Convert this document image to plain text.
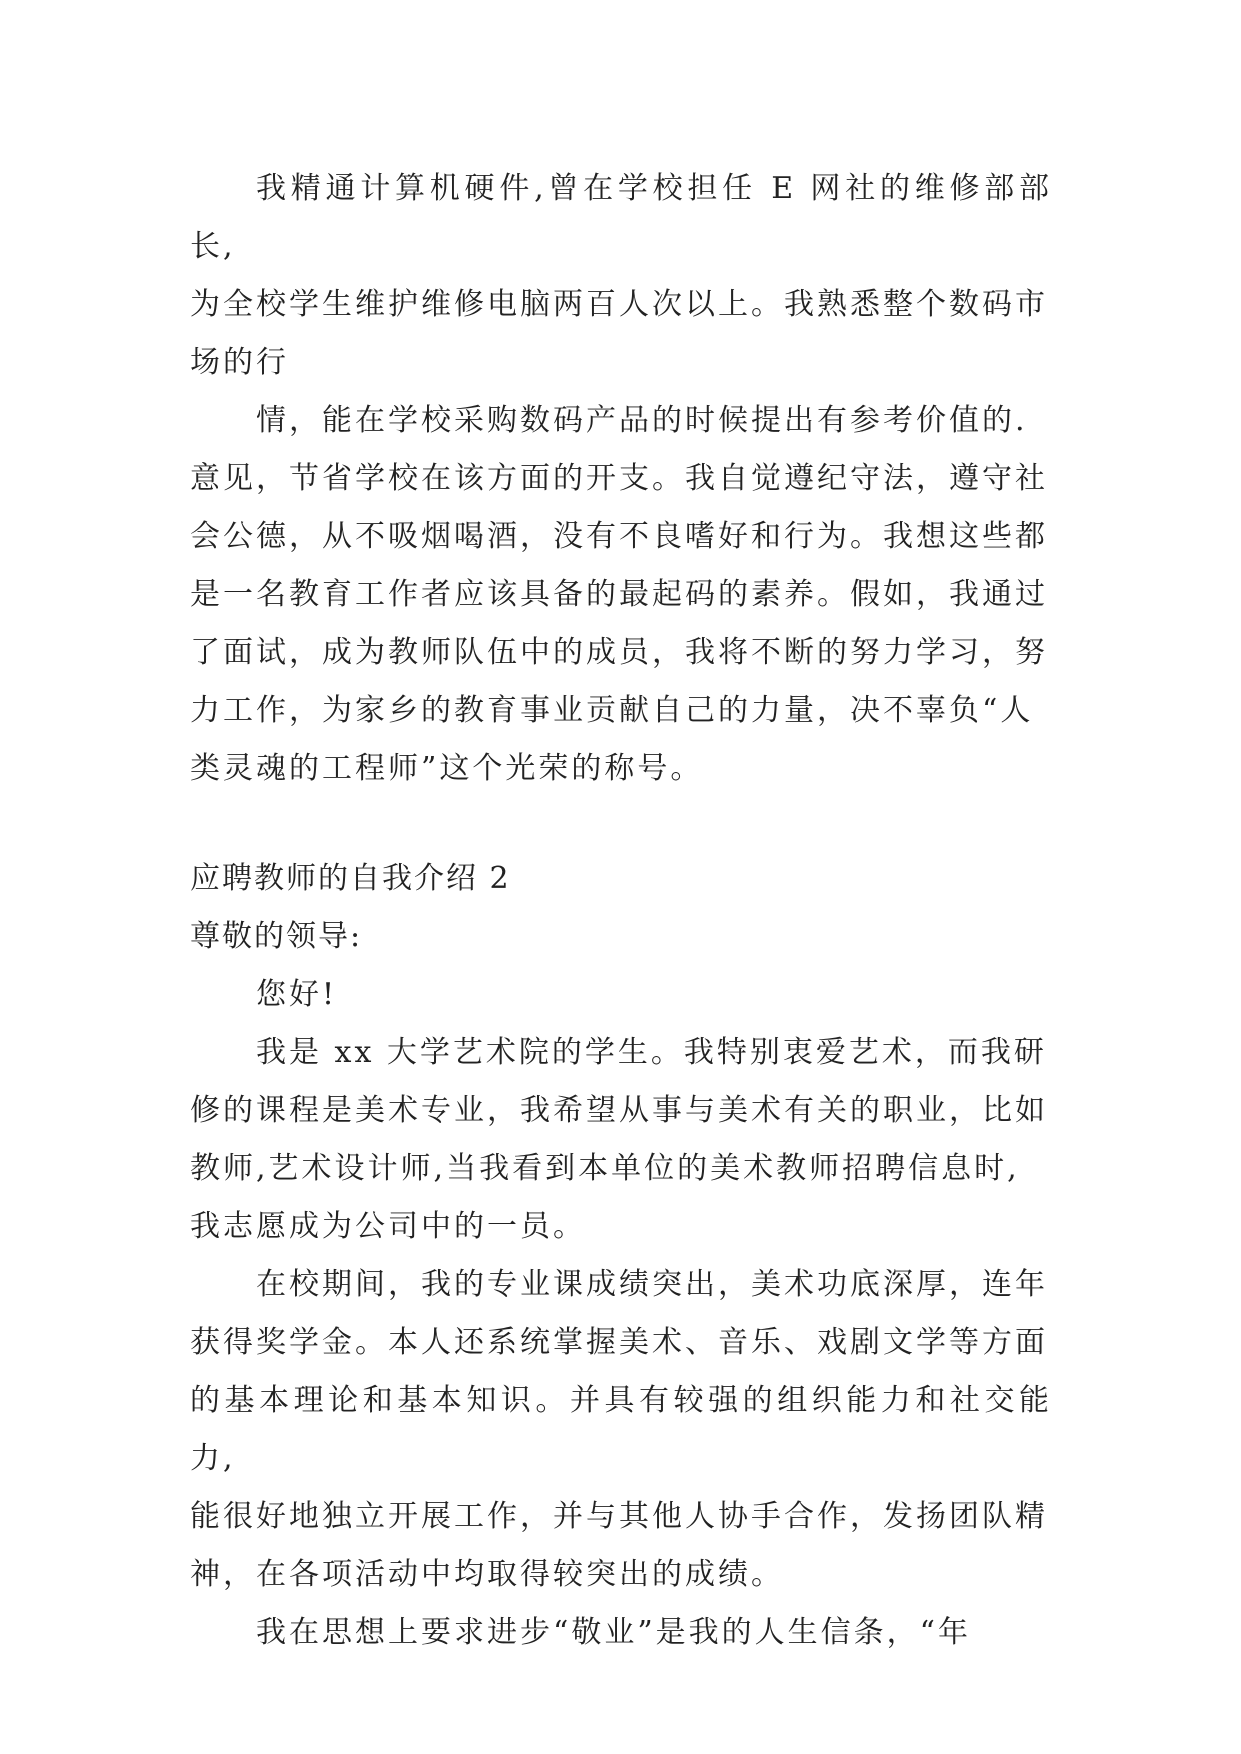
我精通计算机硬件,曾在学校担任 E 网社的维修部部长,
为全校学生维护维修电脑两百人次以上。我熟悉整个数码市
场的行
情，能在学校采购数码产品的时候提出有参考价值的.
意见，节省学校在该方面的开支。我自觉遵纪守法，遵守社
会公德，从不吸烟喝酒，没有不良嗜好和行为。我想这些都
是一名教育工作者应该具备的最起码的素养。假如，我通过
了面试，成为教师队伍中的成员，我将不断的努力学习，努
力工作，为家乡的教育事业贡献自己的力量，决不辜负“人
类灵魂的工程师”这个光荣的称号。
应聘教师的自我介绍 2
尊敬的领导:
您好!
我是 xx 大学艺术院的学生。我特别衷爱艺术，而我研
修的课程是美术专业，我希望从事与美术有关的职业，比如
教师,艺术设计师,当我看到本单位的美术教师招聘信息时,
我志愿成为公司中的一员。
在校期间，我的专业课成绩突出，美术功底深厚，连年
获得奖学金。本人还系统掌握美术、音乐、戏剧文学等方面
的基本理论和基本知识。并具有较强的组织能力和社交能力,
能很好地独立开展工作，并与其他人协手合作，发扬团队精
神，在各项活动中均取得较突出的成绩。
我在思想上要求进步“敬业”是我的人生信条，“年
